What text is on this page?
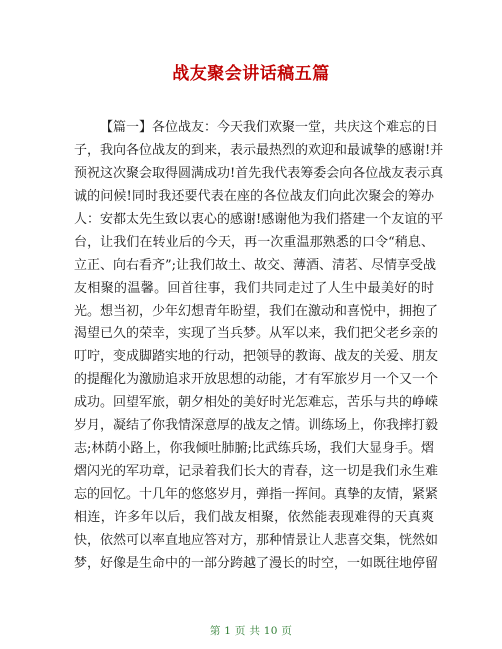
战友聚会讲话稿五篇
【篇一】各位战友：今天我们欢聚一堂，共庆这个难忘的日
子，我向各位战友的到来，表示最热烈的欢迎和最诚挚的感谢!并
预祝这次聚会取得圆满成功!首先我代表筹委会向各位战友表示真
诚的问候!同时我还要代表在座的各位战友们向此次聚会的筹办
人：安都太先生致以衷心的感谢!感谢他为我们搭建一个友谊的平
台，让我们在转业后的今天，再一次重温那熟悉的口令“稍息、
立正、向右看齐”;让我们故土、故交、薄酒、清茗、尽情享受战
友相聚的温馨。回首往事，我们共同走过了人生中最美好的时
光。想当初，少年幻想青年盼望，我们在激动和喜悦中，拥抱了
渴望已久的荣幸，实现了当兵梦。从军以来，我们把父老乡亲的
叮咛，变成脚踏实地的行动，把领导的教诲、战友的关爱、朋友
的提醒化为激励追求开放思想的动能，才有军旅岁月一个又一个
成功。回望军旅，朝夕相处的美好时光怎难忘，苦乐与共的峥嵘
岁月，凝结了你我情深意厚的战友之情。训练场上，你我摔打毅
志;林荫小路上，你我倾吐肺腑;比武练兵场，我们大显身手。熠
熠闪光的军功章，记录着我们长大的青春，这一切是我们永生难
忘的回忆。十几年的悠悠岁月，弹指一挥间。真挚的友情，紧紧
相连，许多年以后，我们战友相聚，依然能表现难得的天真爽
快，依然可以率直地应答对方，那种情景让人悲喜交集，恍然如
梦，好像是生命中的一部分跨越了漫长的时空，一如既往地停留
第 1 页 共 10 页
